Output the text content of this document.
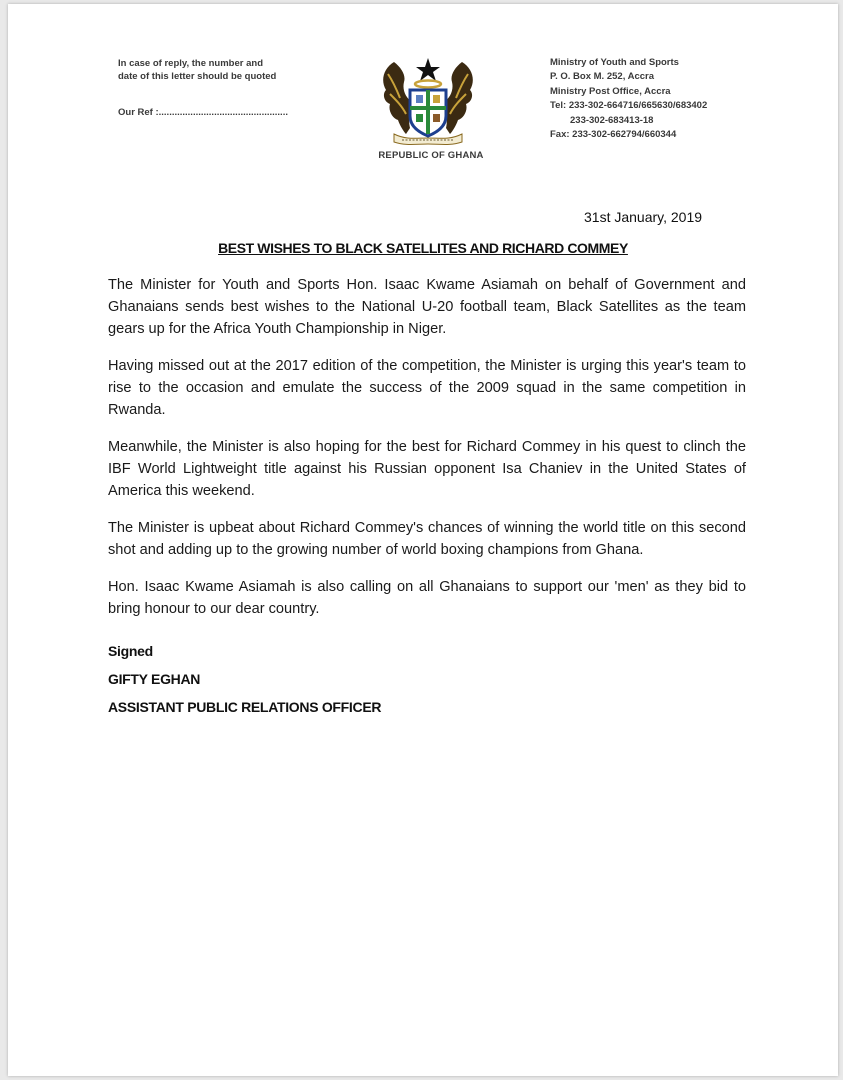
In case of reply, the number and
date of this letter should be quoted
Our Ref :.................................................
REPUBLIC OF GHANA
Ministry of Youth and Sports
P. O. Box M. 252, Accra
Ministry Post Office, Accra
Tel: 233-302-664716/665630/683402
233-302-683413-18
Fax: 233-302-662794/660344
31st January, 2019
BEST WISHES TO BLACK SATELLITES AND RICHARD COMMEY

The Minister for Youth and Sports Hon. Isaac Kwame Asiamah on behalf of Government and Ghanaians sends best wishes to the National U-20 football team, Black Satellites as the team gears up for the Africa Youth Championship in Niger.

Having missed out at the 2017 edition of the competition, the Minister is urging this year's team to rise to the occasion and emulate the success of the 2009 squad in the same competition in Rwanda.

Meanwhile, the Minister is also hoping for the best for Richard Commey in his quest to clinch the IBF World Lightweight title against his Russian opponent Isa Chaniev in the United States of America this weekend.

The Minister is upbeat about Richard Commey's chances of winning the world title on this second shot and adding up to the growing number of world boxing champions from Ghana.

Hon. Isaac Kwame Asiamah is also calling on all Ghanaians to support our 'men' as they bid to bring honour to our dear country.

Signed
GIFTY EGHAN
ASSISTANT PUBLIC RELATIONS OFFICER
